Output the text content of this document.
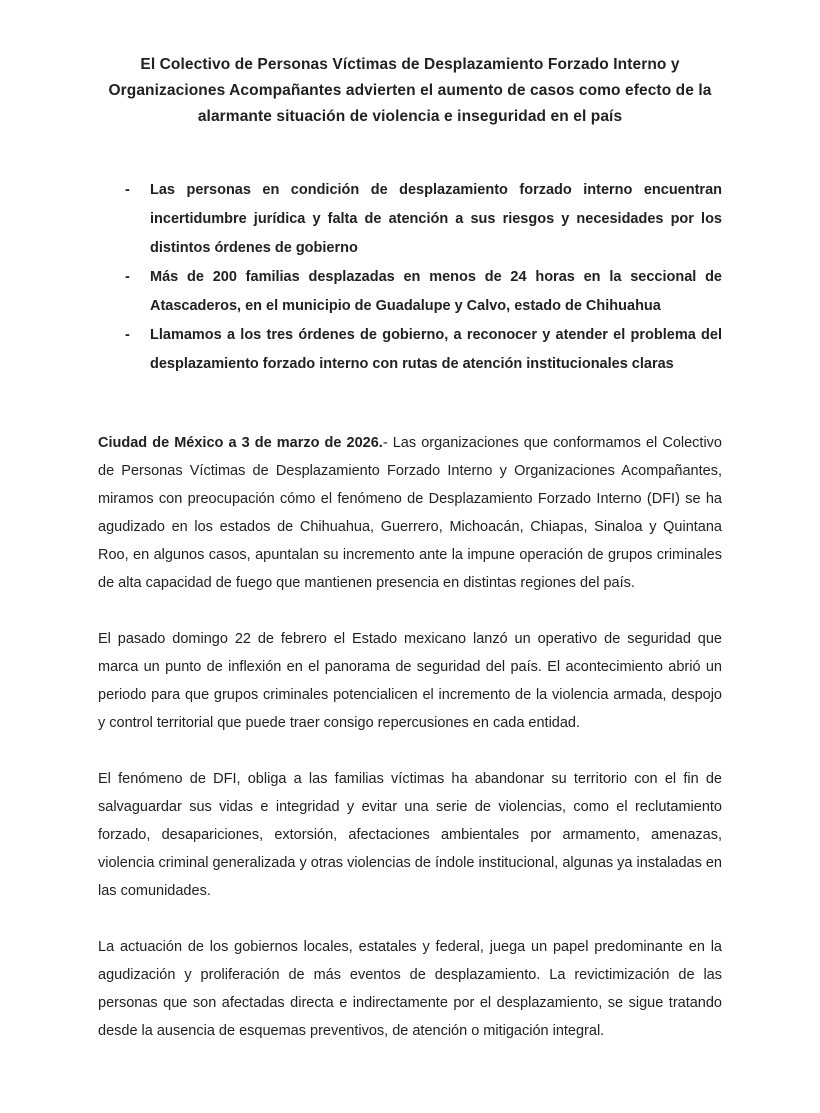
El Colectivo de Personas Víctimas de Desplazamiento Forzado Interno y Organizaciones Acompañantes advierten el aumento de casos como efecto de la alarmante situación de violencia e inseguridad en el país
-	Las personas en condición de desplazamiento forzado interno encuentran incertidumbre jurídica y falta de atención a sus riesgos y necesidades por los distintos órdenes de gobierno
-	Más de 200 familias desplazadas en menos de 24 horas en la seccional de Atascaderos, en el municipio de Guadalupe y Calvo, estado de Chihuahua
-	Llamamos a los tres órdenes de gobierno, a reconocer y atender el problema del desplazamiento forzado interno con rutas de atención institucionales claras

Ciudad de México a 3 de marzo de 2026.- Las organizaciones que conformamos el Colectivo de Personas Víctimas de Desplazamiento Forzado Interno y Organizaciones Acompañantes, miramos con preocupación cómo el fenómeno de Desplazamiento Forzado Interno (DFI) se ha agudizado en los estados de Chihuahua, Guerrero, Michoacán, Chiapas, Sinaloa y Quintana Roo, en algunos casos, apuntalan su incremento ante la impune operación de grupos criminales de alta capacidad de fuego que mantienen presencia en distintas regiones del país.

El pasado domingo 22 de febrero el Estado mexicano lanzó un operativo de seguridad que marca un punto de inflexión en el panorama de seguridad del país. El acontecimiento abrió un periodo para que grupos criminales potencialicen el incremento de la violencia armada, despojo y control territorial que puede traer consigo repercusiones en cada entidad.

El fenómeno de DFI, obliga a las familias víctimas ha abandonar su territorio con el fin de salvaguardar sus vidas e integridad y evitar una serie de violencias, como el reclutamiento forzado, desapariciones, extorsión, afectaciones ambientales por armamento, amenazas, violencia criminal generalizada y otras violencias de índole institucional, algunas ya instaladas en las comunidades.

La actuación de los gobiernos locales, estatales y federal, juega un papel predominante en la agudización y proliferación de más eventos de desplazamiento. La revictimización de las personas que son afectadas directa e indirectamente por el desplazamiento, se sigue tratando desde la ausencia de esquemas preventivos, de atención o mitigación integral.
